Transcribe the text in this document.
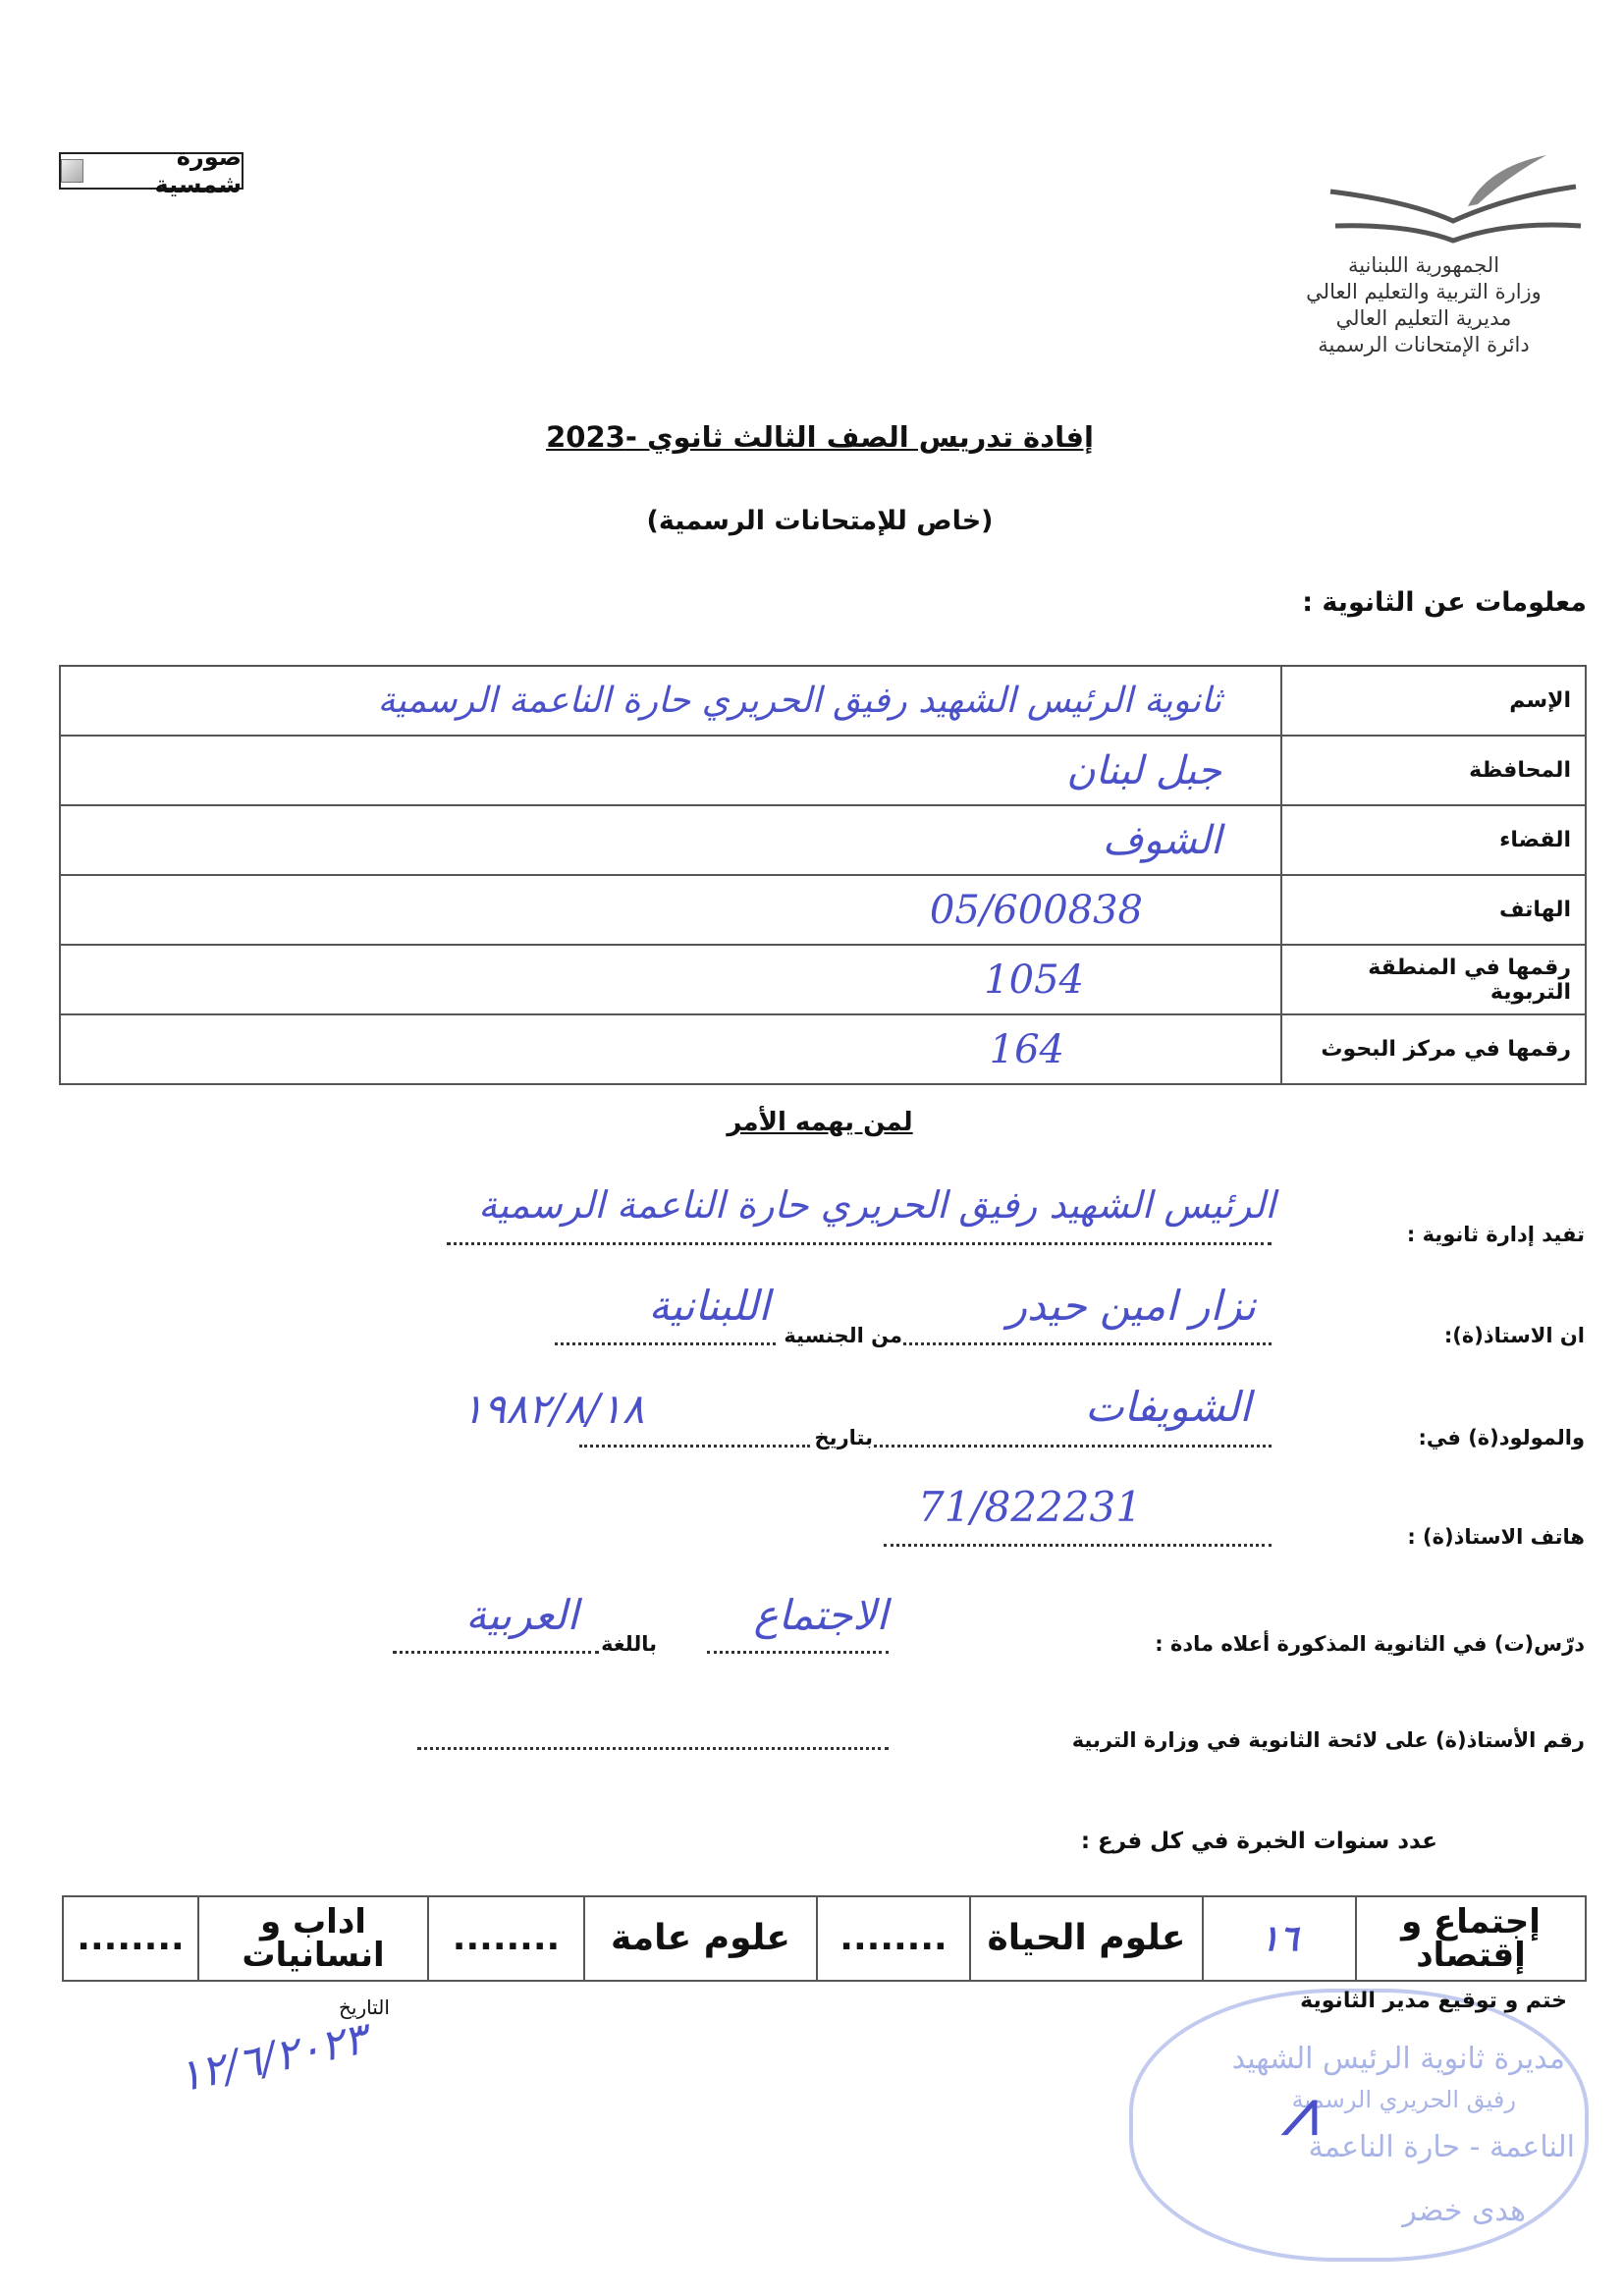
صورة شمسية
الجمهورية اللبنانية
وزارة التربية والتعليم العالي
مديرية التعليم العالي
دائرة الإمتحانات الرسمية
إفادة تدريس الصف الثالث ثانوي -2023
(خاص للإمتحانات الرسمية)
معلومات عن الثانوية :
الإسم	ثانوية الرئيس الشهيد رفيق الحريري حارة الناعمة الرسمية
المحافظة	جبل لبنان
القضاء	الشوف
الهاتف	05/600838
رقمها في المنطقة التربوية	1054
رقمها في مركز البحوث	164
لمن يهمه الأمر
تفيد إدارة ثانوية :
الرئيس الشهيد رفيق الحريري حارة الناعمة الرسمية
ان الاستاذ(ة):
نزار امين حيدر
من الجنسية
اللبنانية
والمولود(ة) في:
الشويفات
بتاريخ
١٩٨٢/٨/١٨
هاتف الاستاذ(ة) :
71/822231
درّس(ت) في الثانوية المذكورة أعلاه مادة :
الاجتماع
باللغة
العربية
رقم الأستاذ(ة) على لائحة الثانوية في وزارة التربية
عدد سنوات الخبرة في كل فرع :
إجتماع و إقتصاد	١٦	علوم الحياة	........	علوم عامة	........	اداب و انسانيات	........
مديرة ثانوية الرئيس الشهيد
رفيق الحريري الرسمية
الناعمة - حارة الناعمة
هدى خضر
⩘
ختم و توقيع مدير الثانوية
التاريخ
١٢/٦/٢٠٢٣
